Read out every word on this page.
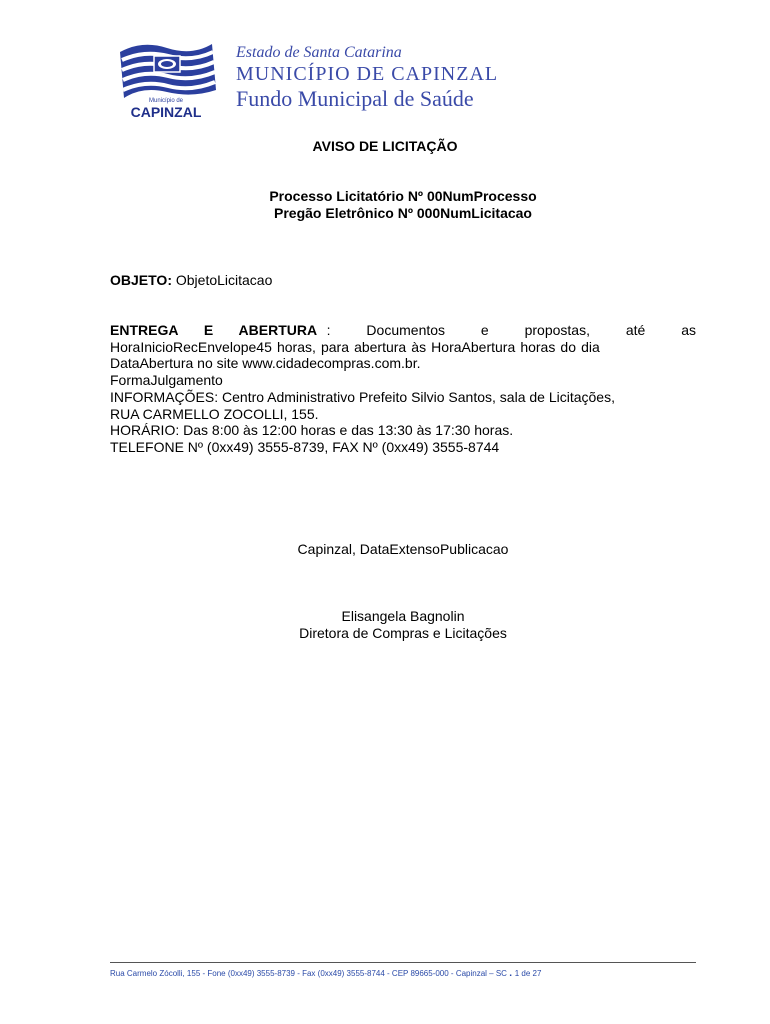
Município de
CAPINZAL
Estado de Santa Catarina
MUNICÍPIO DE CAPINZAL
Fundo Municipal de Saúde
AVISO DE LICITAÇÃO
Processo Licitatório Nº 00NumProcesso
Pregão Eletrônico Nº 000NumLicitacao
OBJETO: ObjetoLicitacao
ENTREGA E ABERTURA : Documentos e propostas, até as
HoraInicioRecEnvelope45 horas, para abertura às HoraAbertura horas do dia
DataAbertura no site www.cidadecompras.com.br.
FormaJulgamento
INFORMAÇÕES: Centro Administrativo Prefeito Silvio Santos, sala de Licitações,
RUA CARMELLO ZOCOLLI, 155.
HORÁRIO: Das 8:00 às 12:00 horas e das 13:30 às 17:30 horas.
TELEFONE Nº (0xx49) 3555-8739, FAX Nº (0xx49) 3555-8744
Capinzal, DataExtensoPublicacao
Elisangela Bagnolin
Diretora de Compras e Licitações
Rua Carmelo Zócolli, 155 - Fone (0xx49) 3555-8739 - Fax (0xx49) 3555-8744 - CEP 89665-000 - Capinzal – SC . 1 de 27
